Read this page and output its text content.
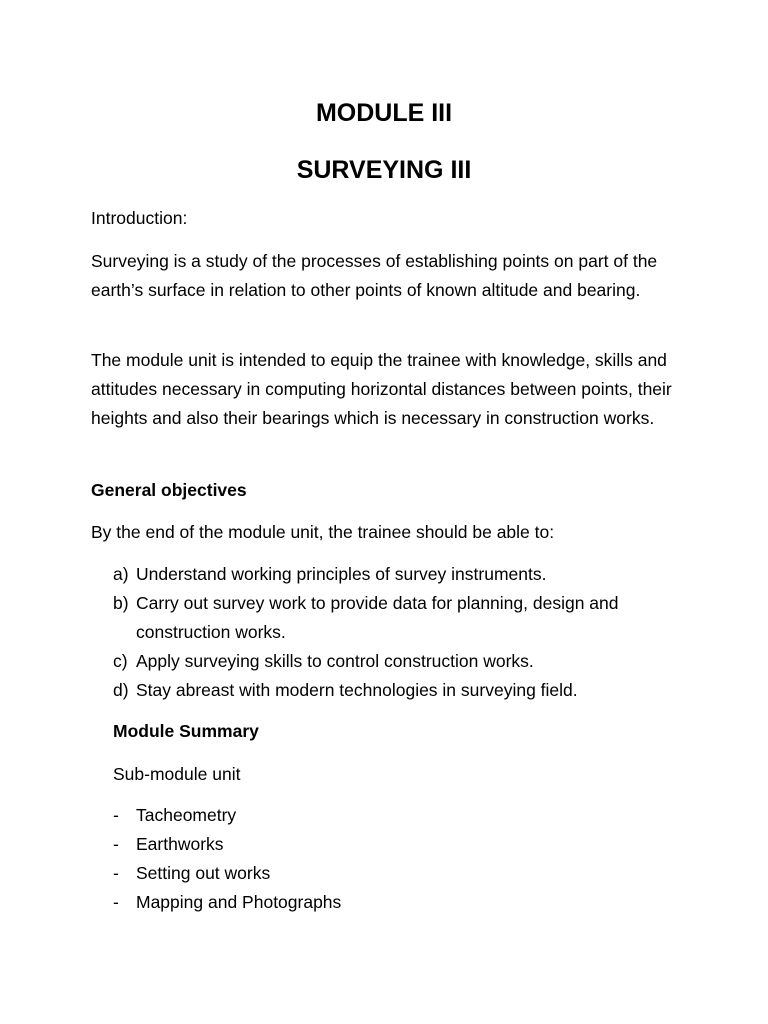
MODULE III
SURVEYING III

Introduction:

Surveying is a study of the processes of establishing points on part of the earth’s surface in relation to other points of known altitude and bearing.

The module unit is intended to equip the trainee with knowledge, skills and attitudes necessary in computing horizontal distances between points, their heights and also their bearings which is necessary in construction works.

General objectives

By the end of the module unit, the trainee should be able to:

a) Understand working principles of survey instruments.
b) Carry out survey work to provide data for planning, design and construction works.
c) Apply surveying skills to control construction works.
d) Stay abreast with modern technologies in surveying field.
Module Summary
Sub-module unit
- Tacheometry
- Earthworks
- Setting out works
- Mapping and Photographs
